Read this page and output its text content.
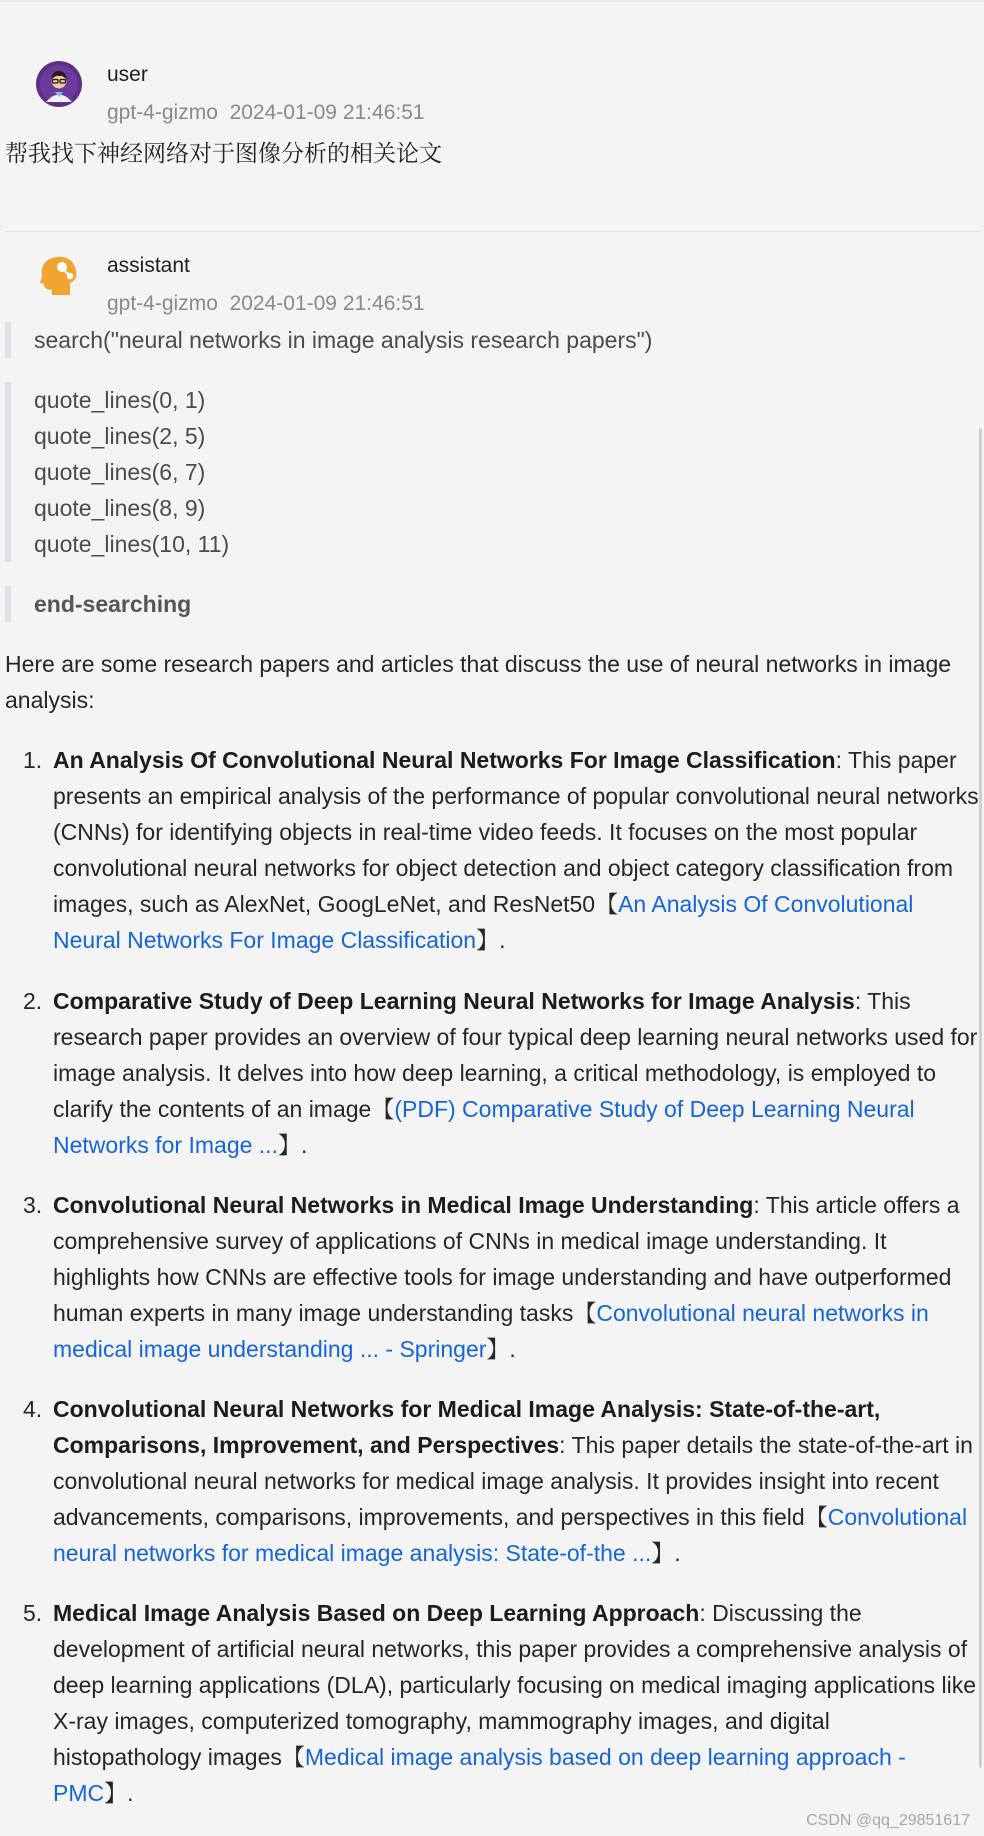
user
gpt-4-gizmo 2024-01-09 21:46:51
帮我找下神经网络对于图像分析的相关论文
assistant
gpt-4-gizmo 2024-01-09 21:46:51
search("neural networks in image analysis research papers")
quote_lines(0, 1)
quote_lines(2, 5)
quote_lines(6, 7)
quote_lines(8, 9)
quote_lines(10, 11)
end-searching
Here are some research papers and articles that discuss the use of neural networks in image analysis:
1. An Analysis Of Convolutional Neural Networks For Image Classification: This paper presents an empirical analysis of the performance of popular convolutional neural networks (CNNs) for identifying objects in real-time video feeds. It focuses on the most popular convolutional neural networks for object detection and object category classification from images, such as AlexNet, GoogLeNet, and ResNet50【An Analysis Of Convolutional Neural Networks For Image Classification】.
2. Comparative Study of Deep Learning Neural Networks for Image Analysis: This research paper provides an overview of four typical deep learning neural networks used for image analysis. It delves into how deep learning, a critical methodology, is employed to clarify the contents of an image【(PDF) Comparative Study of Deep Learning Neural Networks for Image ...】.
3. Convolutional Neural Networks in Medical Image Understanding: This article offers a comprehensive survey of applications of CNNs in medical image understanding. It highlights how CNNs are effective tools for image understanding and have outperformed human experts in many image understanding tasks【Convolutional neural networks in medical image understanding ... - Springer】.
4. Convolutional Neural Networks for Medical Image Analysis: State-of-the-art, Comparisons, Improvement, and Perspectives: This paper details the state-of-the-art in convolutional neural networks for medical image analysis. It provides insight into recent advancements, comparisons, improvements, and perspectives in this field【Convolutional neural networks for medical image analysis: State-of-the ...】.
5. Medical Image Analysis Based on Deep Learning Approach: Discussing the development of artificial neural networks, this paper provides a comprehensive analysis of deep learning applications (DLA), particularly focusing on medical imaging applications like X-ray images, computerized tomography, mammography images, and digital histopathology images【Medical image analysis based on deep learning approach - PMC】.
CSDN @qq_29851617
